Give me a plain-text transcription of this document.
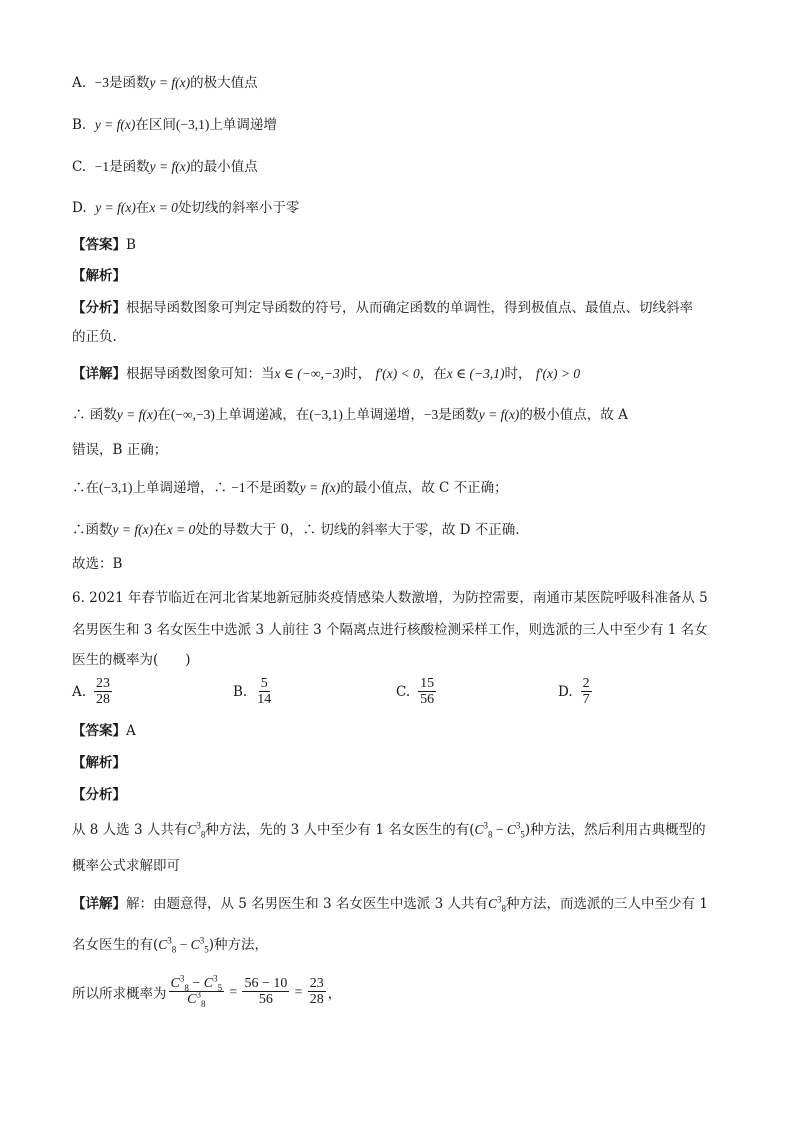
A. −3是函数y = f(x)的极大值点
B. y = f(x)在区间(−3,1)上单调递增
C. −1是函数y = f(x)的最小值点
D. y = f(x)在x = 0处切线的斜率小于零
【答案】B
【解析】
【分析】根据导函数图象可判定导函数的符号，从而确定函数的单调性，得到极值点、最值点、切线斜率
的正负.
【详解】根据导函数图象可知：当x ∈ (−∞,−3)时， f′(x) < 0，在x ∈ (−3,1)时， f′(x) > 0
∴ 函数y = f(x)在(−∞,−3)上单调递减，在(−3,1)上单调递增，−3是函数y = f(x)的极小值点，故 A
错误，B 正确；
∴在(−3,1)上单调递增，∴ −1不是函数y = f(x)的最小值点，故 C 不正确；
∴函数y = f(x)在x = 0处的导数大于 0，∴ 切线的斜率大于零，故 D 不正确.
故选：B
6. 2021 年春节临近在河北省某地新冠肺炎疫情感染人数激增，为防控需要，南通市某医院呼吸科准备从 5
名男医生和 3 名女医生中选派 3 人前往 3 个隔离点进行核酸检测采样工作，则选派的三人中至少有 1 名女
医生的概率为(　　)
A. $\frac{23}{28}$	B. $\frac{5}{14}$	C. $\frac{15}{56}$	D. $\frac{2}{7}$
【答案】A
【解析】
【分析】
从 8 人选 3 人共有$C^3_8$种方法，先的 3 人中至少有 1 名女医生的有$(C^3_8 - C^3_5)$种方法，然后利用古典概型的
概率公式求解即可
【详解】解：由题意得，从 5 名男医生和 3 名女医生中选派 3 人共有$C^3_8$种方法，而选派的三人中至少有 1
名女医生的有$(C^3_8 - C^3_5)$种方法，
所以所求概率为 $\frac{C^3_8 - C^3_5}{C^3_8} = \frac{56 - 10}{56} = \frac{23}{28}$ ，
